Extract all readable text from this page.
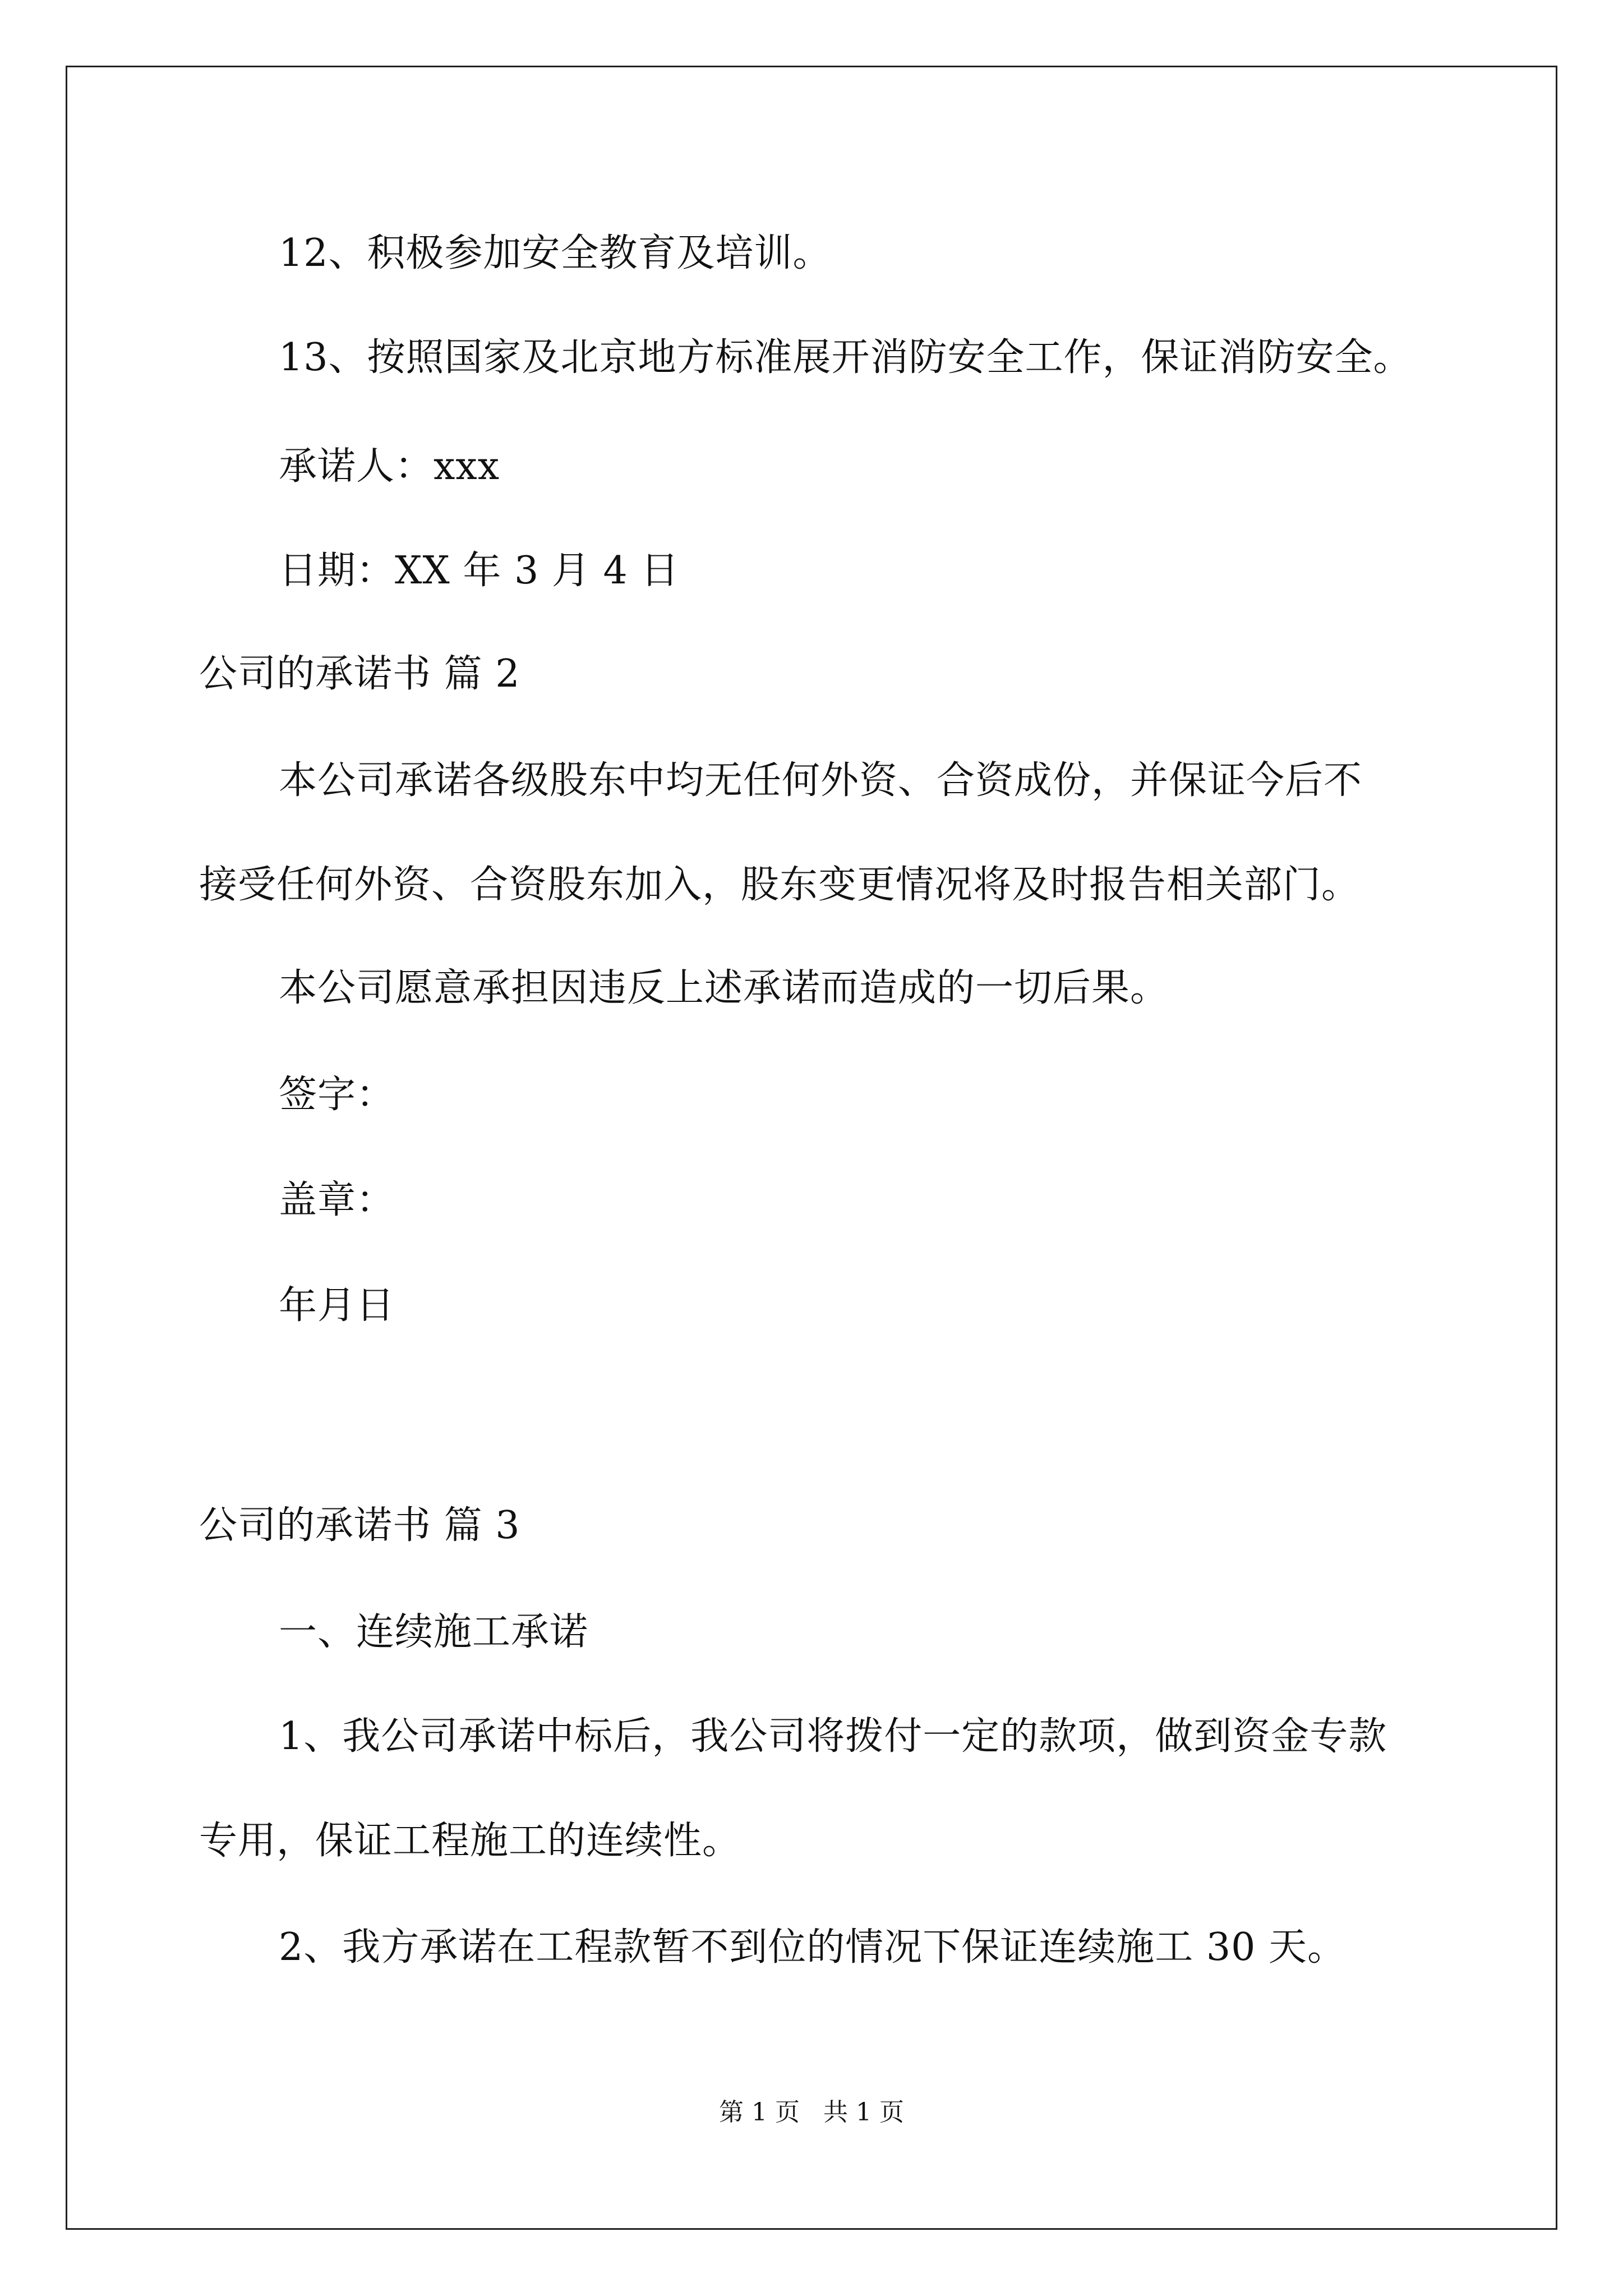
12、积极参加安全教育及培训。
13、按照国家及北京地方标准展开消防安全工作，保证消防安全。
承诺人：xxx
日期：XX 年 3 月 4 日
公司的承诺书 篇 2
本公司承诺各级股东中均无任何外资、合资成份，并保证今后不
接受任何外资、合资股东加入，股东变更情况将及时报告相关部门。
本公司愿意承担因违反上述承诺而造成的一切后果。
签字：
盖章：
年月日
公司的承诺书 篇 3
一、连续施工承诺
1、我公司承诺中标后，我公司将拨付一定的款项，做到资金专款
专用，保证工程施工的连续性。
2、我方承诺在工程款暂不到位的情况下保证连续施工 30 天。
第 1 页   共 1 页
